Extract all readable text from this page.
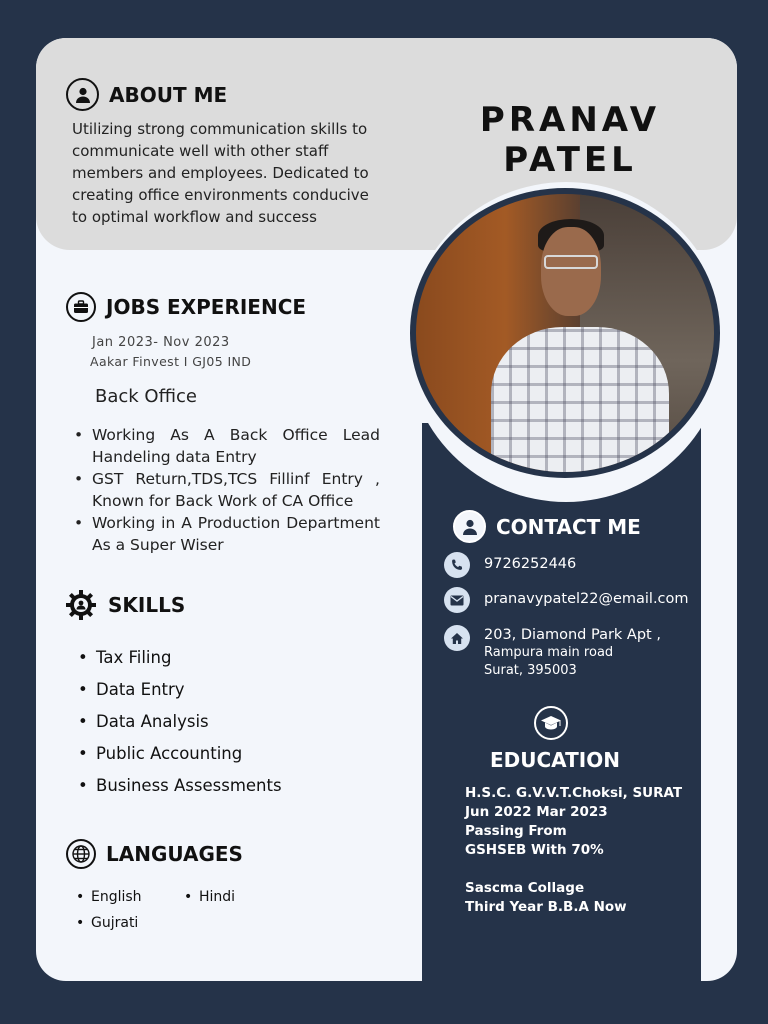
PRANAV PATEL
ABOUT ME
Utilizing strong communication skills to communicate well with other staff members and employees. Dedicated to creating office environments conducive to optimal workflow and success
JOBS EXPERIENCE
Jan 2023- Nov 2023
Aakar Finvest I GJ05 IND
Back Office
• Working As A Back Office Lead Handeling data Entry
• GST Return,TDS,TCS Fillinf Entry , Known for Back Work of CA Office
• Working in A Production Department As a Super Wiser
SKILLS
• Tax Filing
• Data Entry
• Data Analysis
• Public Accounting
• Business Assessments
LANGUAGES
• English
•	Hindi
• Gujrati
CONTACT ME
9726252446
pranavypatel22@email.com
203, Diamond Park Apt ,
Rampura main road
Surat, 395003
EDUCATION
H.S.C. G.V.V.T.Choksi, SURAT
Jun 2022 Mar 2023
Passing From
GSHSEB With 70%
Sascma Collage
Third Year B.B.A Now
